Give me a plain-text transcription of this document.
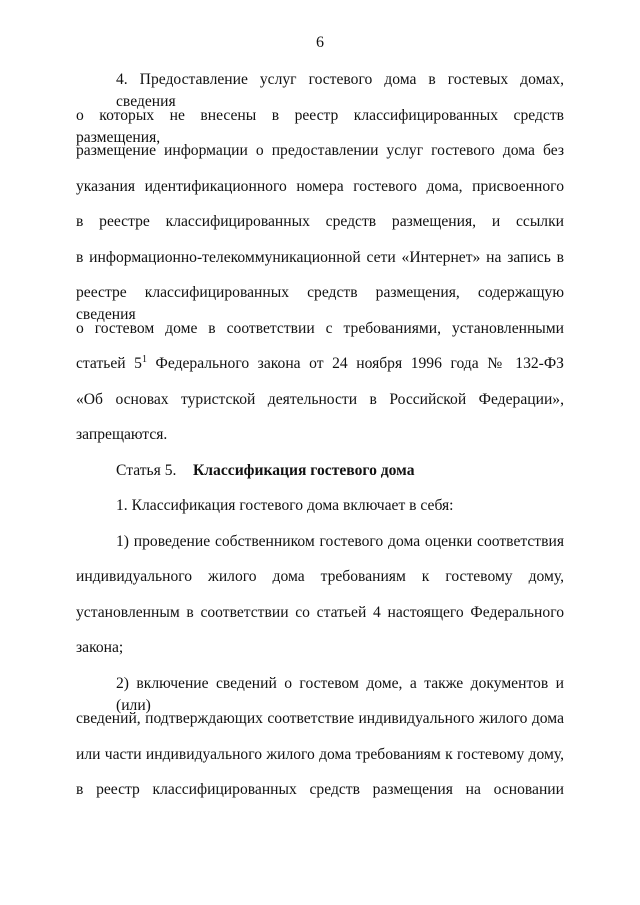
6
4. Предоставление услуг гостевого дома в гостевых домах, сведения
о которых не внесены в реестр классифицированных средств размещения,
размещение информации о предоставлении услуг гостевого дома без
указания идентификационного номера гостевого дома, присвоенного
в реестре классифицированных средств размещения, и ссылки
в информационно-телекоммуникационной сети «Интернет» на запись в
реестре классифицированных средств размещения, содержащую сведения
о гостевом доме в соответствии с требованиями, установленными
статьей $5^1$ Федерального закона от 24 ноября 1996 года № 132-ФЗ
«Об основах туристской деятельности в Российской Федерации»,
запрещаются.
Статья 5. Классификация гостевого дома
1. Классификация гостевого дома включает в себя:
1) проведение собственником гостевого дома оценки соответствия
индивидуального жилого дома требованиям к гостевому дому,
установленным в соответствии со статьей 4 настоящего Федерального
закона;
2) включение сведений о гостевом доме, а также документов и (или)
сведений, подтверждающих соответствие индивидуального жилого дома
или части индивидуального жилого дома требованиям к гостевому дому,
в реестр классифицированных средств размещения на основании
